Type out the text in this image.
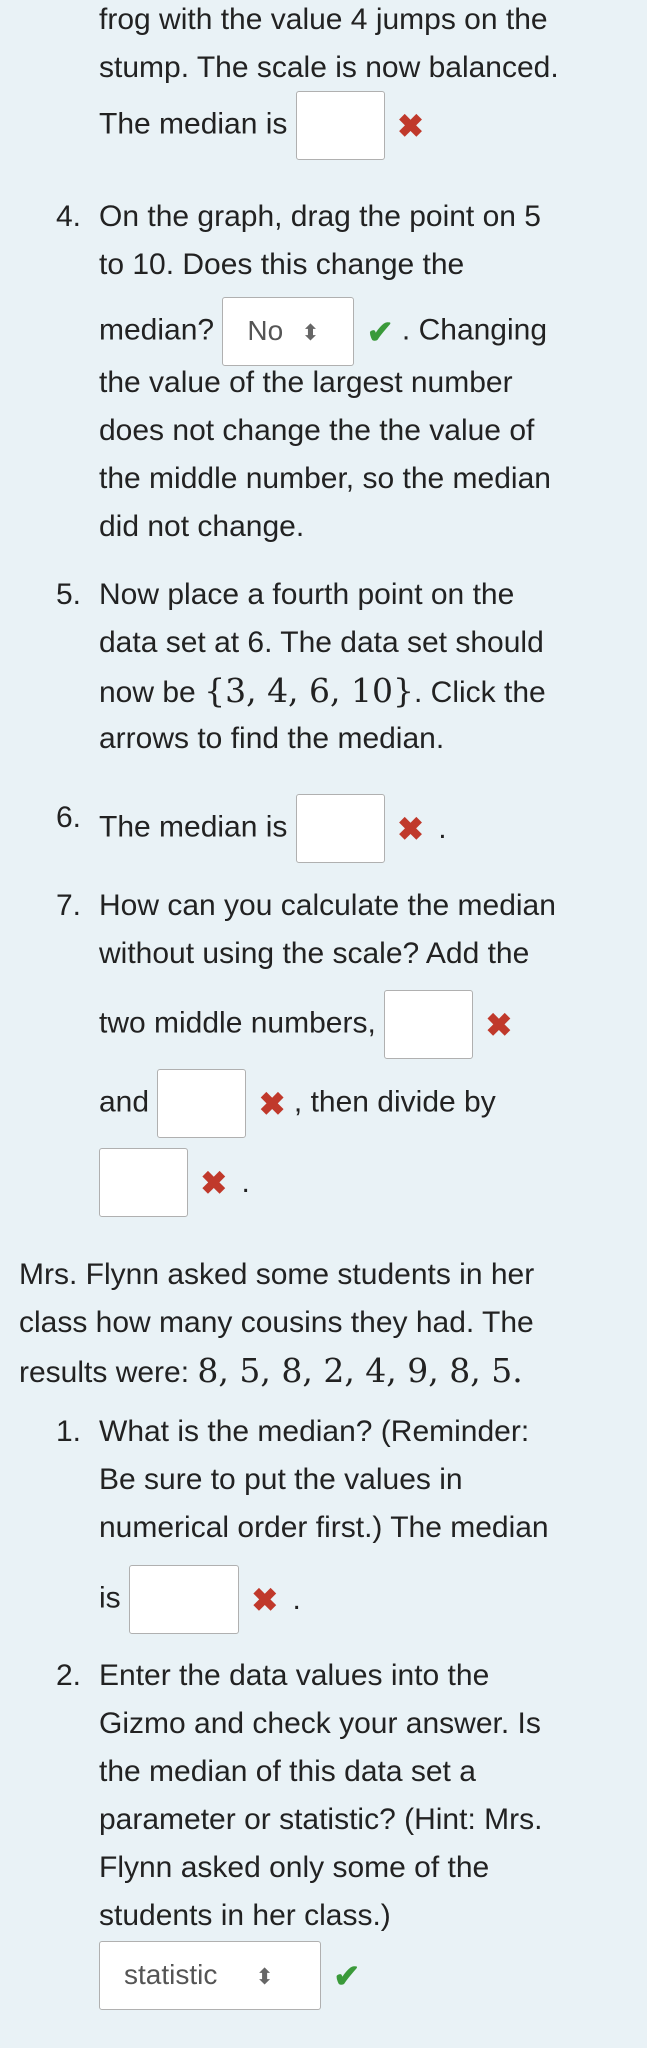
frog with the value 4 jumps on the
stump. The scale is now balanced.
The median is	✖
4. On the graph, drag the point on 5
to 10. Does this change the
median? No ⬍ ✔ . Changing
the value of the largest number
does not change the the value of
the middle number, so the median
did not change.
5. Now place a fourth point on the
data set at 6. The data set should
now be {3, 4, 6, 10}. Click the
arrows to find the median.
6. The median is	✖ .
7. How can you calculate the median
without using the scale? Add the
two middle numbers,	✖
and	✖ , then divide by
✖ .
Mrs. Flynn asked some students in her
class how many cousins they had. The
results were: 8, 5, 8, 2, 4, 9, 8, 5.
1. What is the median? (Reminder:
Be sure to put the values in
numerical order first.) The median
is	✖ .
2. Enter the data values into the
Gizmo and check your answer. Is
the median of this data set a
parameter or statistic? (Hint: Mrs.
Flynn asked only some of the
students in her class.)
statistic ⬍ ✔
